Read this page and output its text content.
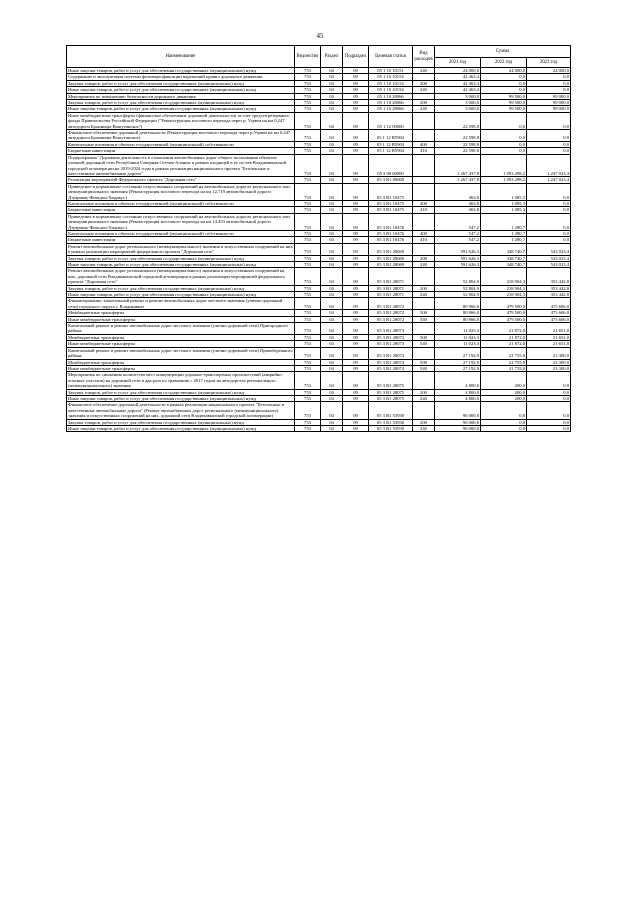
45
Наименование	Ведомство	Раздел	Подраздел	Целевая статья	Вид расходов	Сумма		
						2021 год	2022 год	2023 год
Иные закупки товаров, работ и услуг для обеспечения государственных (муниципальных) нужд	753	04	09	05 1 10 10151	240	24 000,0	24 000,0	24 000,0
Содержание и эксплуатация системы фотовидеофиксации нарушений правил дорожного движения	753	04	09	05 1 10 10154		42 463,4	0,0	0,0
Закупка товаров, работ и услуг для обеспечения государственных (муниципальных) нужд	753	04	09	05 1 10 10154	200	42 463,4	0,0	0,0
Иные закупки товаров, работ и услуг для обеспечения государственных (муниципальных) нужд	753	04	09	05 1 10 10154	240	42 463,4	0,0	0,0
Мероприятия по повышению безопасности дорожного движения	753	04	09	05 1 10 28066		3 000,0	99 500,0	99 000,0
Закупка товаров, работ и услуг для обеспечения государственных (муниципальных) нужд	753	04	09	05 1 10 28066	200	3 000,0	99 500,0	99 000,0
Иные закупки товаров, работ и услуг для обеспечения государственных (муниципальных) нужд	753	04	09	05 1 10 28066	240	3 000,0	99 500,0	99 000,0
Иные межбюджетные трансферты (финансовое обеспечение дорожной деятельности) за счет средств резервного фонда Правительства Российской Федерации ("Реконструкция мостового перехода через р. Угрюм на км 0,247 автодороги Бронницы-Вашутинское")	753	04	09	05 1 12 00000		22 598,8	0,0	0,0
Финансовое обеспечение дорожной деятельности (Реконструкция мостового перехода через р.Угрюм на км 0,247 автодороги Бронницы-Вашутинское)	753	04	09	05 1 12 R5904		22 598,8	0,0	0,0
Капитальные вложения в объекты государственной (муниципальной) собственности	753	04	09	05 1 12 R5904	400	22 598,8	0,0	0,0
Бюджетные инвестиции	753	04	09	05 1 12 R5904	410	22 598,8	0,0	0,0
Подпрограмма "Дорожная деятельность в отношении автомобильных дорог общего пользования объектов уличной дорожной сети Республики Северная Осетия-Алания, в рамках входящей в ее состав Владикавказской городской агломерации на 2019-2024 годы в рамках реализации национального проекта "Безопасные и качественные автомобильные дороги"	753	04	09	05 3 00 00000		1 267 437,8	1 093 298,2	1 247 023,4
Реализация мероприятий Федерального проекта "Дорожная сеть"	753	04	09	05 3 R1 00000		1 267 437,8	1 093 298,2	1 247 023,4
Приведение в нормативное состояние искусственных сооружений на автомобильных дорогах регионального или межмуниципального значения (Реконструкция мостового перехода на км 12,719 автомобильной дороги Дзуарикау-Фиагдон-Хидикус)	753	04	09	05 3 R1 10475		463,8	1 085,3	0,0
Капитальные вложения в объекты государственной (муниципальной) собственности	753	04	09	05 3 R1 10475	400	463,8	1 085,3	0,0
Бюджетные инвестиции	753	04	09	05 3 R1 10475	410	463,8	1 085,3	0,0
Приведение в нормативное состояние искусственных сооружений на автомобильных дорогах регионального или межмуниципального значения (Реконструкция мостового перехода на км 14,453 автомобильной дороги Дзуарикау-Фиагдон-Хидикус)	753	04	09	05 3 R1 10476		547,2	1 280,7	0,0
Капитальные вложения в объекты государственной (муниципальной) собственности	753	04	09	05 3 R1 10476	400	547,2	1 280,7	0,0
Бюджетные инвестиции	753	04	09	05 3 R1 10476	410	547,2	1 280,7	0,0
Ремонт автомобильных дорог регионального (межмуниципального) значения и искусственных сооружений на них в рамках реализации мероприятий федерального проекта "Дорожная сеть"	753	04	09	05 3 R1 28069		591 626,3	348 740,7	543 023,4
Закупка товаров, работ и услуг для обеспечения государственных (муниципальных) нужд	753	04	09	05 3 R1 28069	200	591 626,3	348 740,7	543 023,4
Иные закупки товаров, работ и услуг для обеспечения государственных (муниципальных) нужд	753	04	09	05 3 R1 28069	240	591 626,3	348 740,7	543 023,4
Ремонт автомобильных дорог регионального (межмуниципального) значения и искусственных сооружений на них, дорожной сети Владикавказской городской агломерации в рамках реализации мероприятий федерального проекта "Дорожная сеть"	753	04	09	05 3 R1 28071		52 804,9	218 904,3	353 442,8
Закупка товаров, работ и услуг для обеспечения государственных (муниципальных) нужд	753	04	09	05 3 R1 28071	200	52 804,9	218 904,3	353 442,8
Иные закупки товаров, работ и услуг для обеспечения государственных (муниципальных) нужд	753	04	09	05 3 R1 28071	240	52 804,9	218 904,3	353 442,8
Финансирование, капитальный ремонт и ремонт автомобильных дорог местного значения (улично-дорожной сети) городского округа г. Владикавказ	753	04	09	05 3 R1 28072		80 966,0	479 500,0	475 606,0
Межбюджетные трансферты	753	04	09	05 3 R1 28072	500	80 966,0	479 500,0	475 606,0
Иные межбюджетные трансферты	753	04	09	05 3 R1 28072	540	80 966,0	479 500,0	475 606,0
Капитальный ремонт и ремонт автомобильных дорог местного значения (улично-дорожной сети) Пригородного района	753	04	09	05 3 R1 28073		11 023,3	21 872,0	21 651,0
Межбюджетные трансферты	753	04	09	05 3 R1 28073	500	11 023,3	21 872,0	21 651,0
Иные межбюджетные трансферты	753	04	09	05 3 R1 28073	540	11 023,3	21 872,0	21 651,0
Капитальный ремонт и ремонт автомобильных дорог местного значения (улично-дорожной сети) Правобережного района	753	04	09	05 3 R1 28074		27 192,9	21 755,0	23 300,0
Межбюджетные трансферты	753	04	09	05 3 R1 28074	500	27 192,9	21 755,0	23 300,0
Иные межбюджетные трансферты	753	04	09	05 3 R1 28074	540	27 192,9	21 755,0	23 300,0
Мероприятия по снижению количества мест концентрации дорожно-транспортных происшествий (аварийно-опасных участков) на дорожной сети в два раза по сравнению с 2017 годом на автодорогах регионального (межмуниципального) значения	753	04	09	05 3 R1 28075		4 800,0	200,0	0,0
Закупка товаров, работ и услуг для обеспечения государственных (муниципальных) нужд	753	04	09	05 3 R1 28075	200	4 800,0	200,0	0,0
Иные закупки товаров, работ и услуг для обеспечения государственных (муниципальных) нужд	753	04	09	05 3 R1 28075	240	4 800,0	200,0	0,0
Финансовое обеспечение дорожной деятельности в рамках реализации национального проекта "Безопасные и качественные автомобильные дороги" (Ремонт автомобильных дорог регионального (межмуниципального) значения и искусственных сооружений на них, дорожной сети Владикавказской городской агломерации)	753	04	09	05 3 R1 53930		96 000,0	0,0	0,0
Закупка товаров, работ и услуг для обеспечения государственных (муниципальных) нужд	753	04	09	05 3 R1 53930	200	96 000,0	0,0	0,0
Иные закупки товаров, работ и услуг для обеспечения государственных (муниципальных) нужд	753	04	09	05 3 R1 53930	240	96 000,0	0,0	0,0
